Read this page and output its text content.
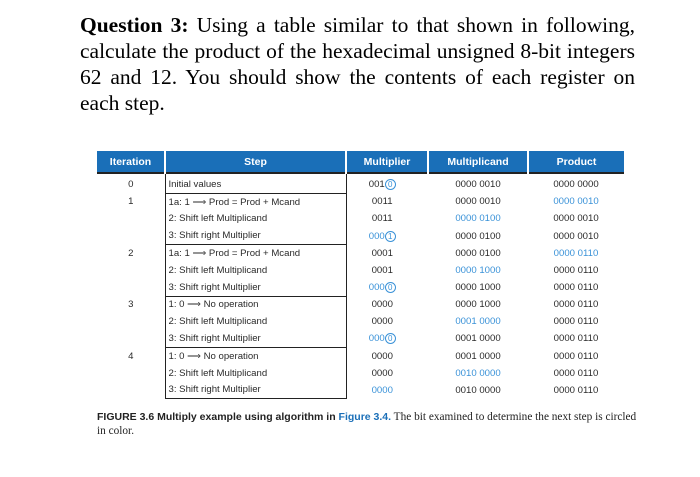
Question 3: Using a table similar to that shown in following, calculate the product of the hexadecimal unsigned 8-bit integers 62 and 12. You should show the contents of each register on each step.
Iteration	Step	Multiplier	Multiplicand	Product
0	Initial values	001 0	0000 0010	0000 0000
1	1a: 1 ⟹ Prod = Prod + Mcand	0011	0000 0010	0000 0010
	2: Shift left Multiplicand	0011	0000 0100	0000 0010
	3: Shift right Multiplier	000 1	0000 0100	0000 0010
2	1a: 1 ⟹ Prod = Prod + Mcand	0001	0000 0100	0000 0110
	2: Shift left Multiplicand	0001	0000 1000	0000 0110
	3: Shift right Multiplier	000 0	0000 1000	0000 0110
3	1: 0 ⟹ No operation	0000	0000 1000	0000 0110
	2: Shift left Multiplicand	0000	0001 0000	0000 0110
	3: Shift right Multiplier	000 0	0001 0000	0000 0110
4	1: 0 ⟹ No operation	0000	0001 0000	0000 0110
	2: Shift left Multiplicand	0000	0010 0000	0000 0110
	3: Shift right Multiplier	0000	0010 0000	0000 0110
FIGURE 3.6 Multiply example using algorithm in Figure 3.4. The bit examined to determine the next step is circled in color.
